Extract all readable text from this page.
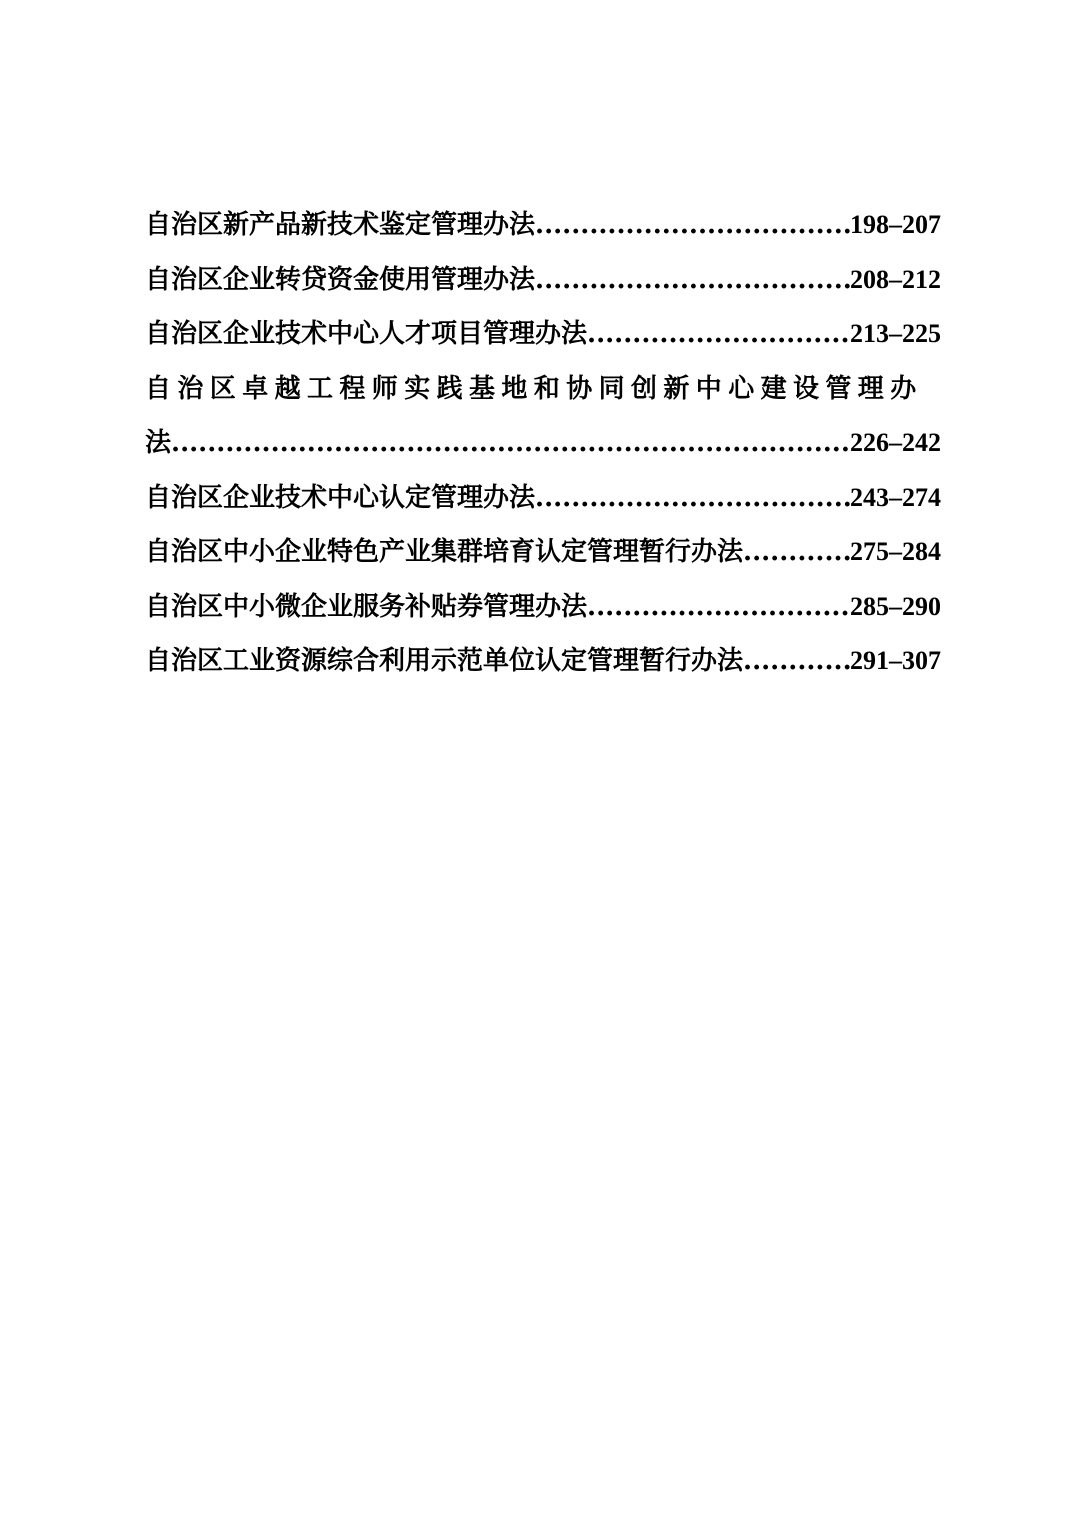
自治区新产品新技术鉴定管理办法 .....	198–207
自治区企业转贷资金使用管理办法 .....	208–212
自治区企业技术中心人才项目管理办法 .....	213–225
自治区卓越工程师实践基地和协同创新中心建设管理办
法 .....	226–242
自治区企业技术中心认定管理办法 .....	243–274
自治区中小企业特色产业集群培育认定管理暂行办法 .....	275–284
自治区中小微企业服务补贴券管理办法 .....	285–290
自治区工业资源综合利用示范单位认定管理暂行办法 .....	291–307
